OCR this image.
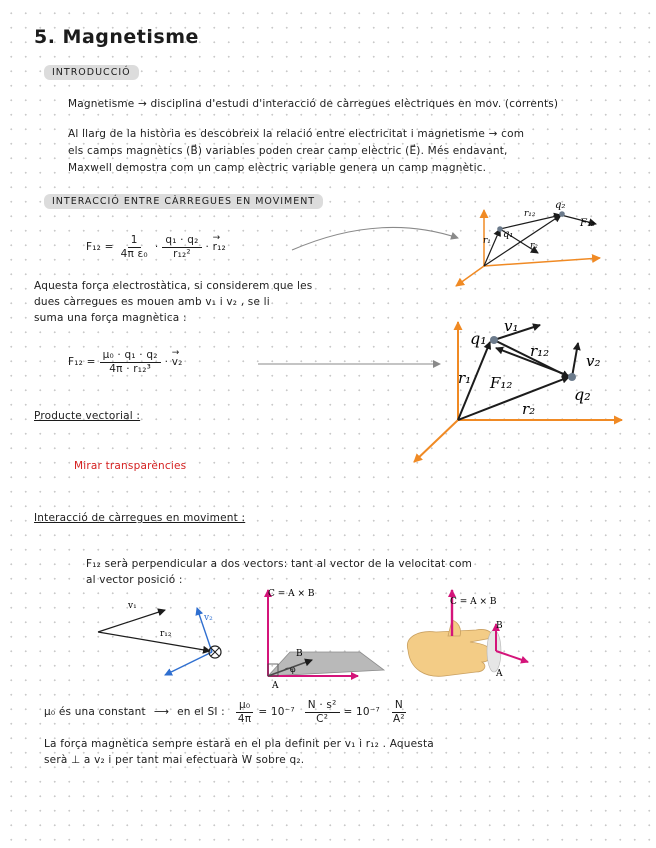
5. Magnetisme
INTRODUCCIÓ
Magnetisme → disciplina d'estudi d'interacció de càrregues elèctriques en mov. (corrents)
Al llarg de la història es descobreix la relació entre electricitat i magnetisme → com
els camps magnètics (B⃗) variables poden crear camp elèctric (E⃗). Més endavant,
Maxwell demostra com un camp elèctric variable genera un camp magnètic.
INTERACCIÓ ENTRE CÀRREGUES EN MOVIMENT
$F_{12} = \frac{1}{\text{4π ε₀}} \cdot \frac{\text{q₁ · q₂}}{\text{r₁₂²}}$ · → r₁₂
Aquesta força electrostàtica, si considerem que les
dues càrregues es mouen amb v₁ i v₂ , se li
suma una força magnètica :
$F_{12} = \frac{\text{μ₀ · q₁ · q₂}}{\text{4π · r₁₂³}}$ · → v₂
Producte vectorial :
Mirar transparències
Interacció de càrregues en moviment :
F₁₂ serà perpendicular a dos vectors: tant al vector de la velocitat com
al vector posició :
q₁
q₂
r₁	r₂
r₁₂
F₁₂
q₁
q₂
v₁
v₂
r₁
r₂
r₁₂
F₁₂
v₁
v₂
r₁₂
C = A × B
B
A
φ
C = A × B
B
A
μ₀ és una constant ⟶ en el SI : $\frac{\text{μ₀}}{4\pi} = 10^{-7} \frac{\text{N · s²}}{\text{C²}} = 10^{-7} \frac{N}{\text{A²}}$
La força magnètica sempre estarà en el pla definit per v₁ i r₁₂ . Aquesta
serà ⊥ a v₂ i per tant mai efectuarà W sobre q₂.
